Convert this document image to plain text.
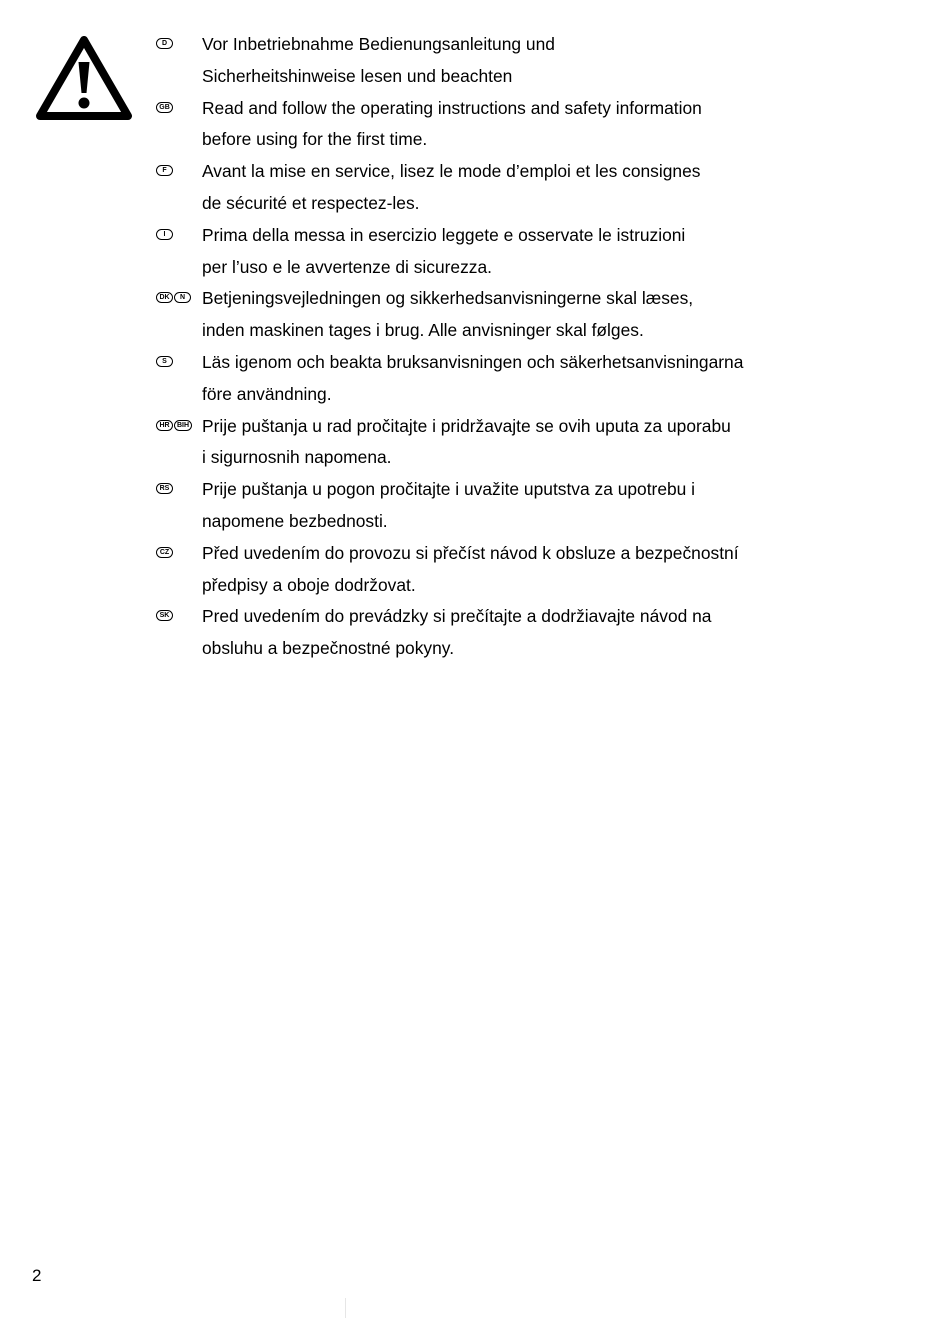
D	Vor Inbetriebnahme Bedienungsanleitung und
Sicherheitshinweise lesen und beachten
GB Read and follow the operating instructions and safety information
before using for the first time.
F	Avant la mise en service, lisez le mode d’emploi et les consignes
de sécurité et respectez-les.
I	Prima della messa in esercizio leggete e osservate le istruzioni
per l’uso e le avvertenze di sicurezza.
DK	N Betjeningsvejledningen og sikkerhedsanvisningerne skal læses,
inden maskinen tages i brug. Alle anvisninger skal følges.
S	Läs igenom och beakta bruksanvisningen och säkerhetsanvisningarna
före användning.
HR	BIH Prije puštanja u rad pročitajte i pridržavajte se ovih uputa za uporabu
i sigurnosnih napomena.
RS Prije puštanja u pogon pročitajte i uvažite uputstva za upotrebu i
napomene bezbednosti.
CZ Před uvedením do provozu si přečíst návod k obsluze a bezpečnostní
předpisy a oboje dodržovat.
SK Pred uvedením do prevádzky si prečítajte a dodržiavajte návod na
obsluhu a bezpečnostné pokyny.
2
